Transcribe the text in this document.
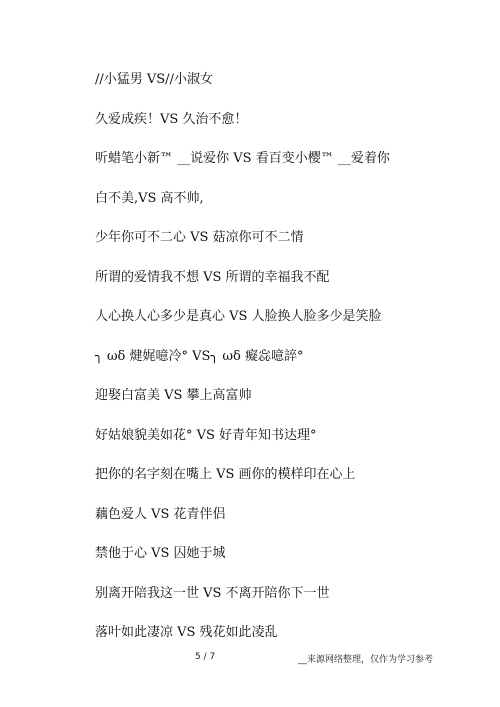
//小猛男 VS//小淑女
久爱成疾！VS 久治不愈！
听蜡笔小新™ __说爱你 VS 看百变小樱™ __爱着你
白不美,VS 高不帅,
少年你可不二心 VS 菇凉你可不二情
所谓的爱情我不想 VS 所谓的幸福我不配
人心换人心多少是真心 VS 人脸换人脸多少是笑脸
╮ ωδ 煡娓噫冷° VS╮ ωδ 癡惢噫誶°
迎娶白富美 VS 攀上高富帅
好姑娘貌美如花° VS 好青年知书达理°
把你的名字刻在嘴上 VS 画你的模样印在心上
藕色爱人 VS 花青伴侣
禁他于心 VS 囚她于城
别离开陪我这一世 VS 不离开陪你下一世
落叶如此凄凉 VS 残花如此凌乱
5 / 7	__来源网络整理，仅作为学习参考
